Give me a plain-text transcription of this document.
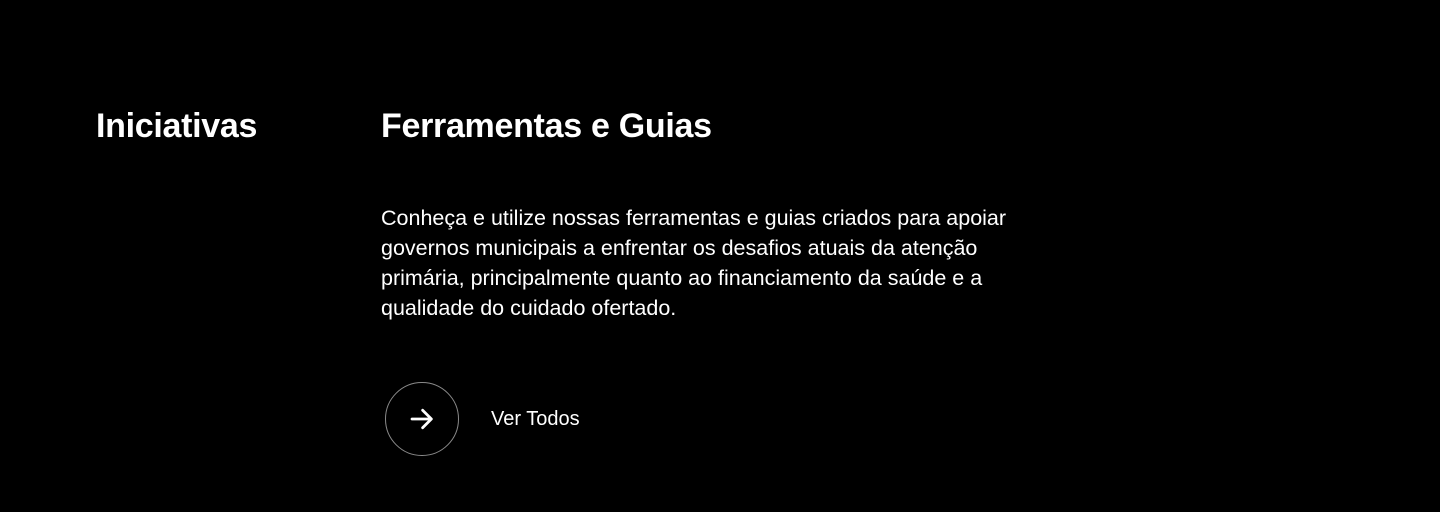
Iniciativas	Ferramentas e Guias

Conheça e utilize nossas ferramentas e guias criados para apoiar governos municipais a enfrentar os desafios atuais da atenção primária, principalmente quanto ao financiamento da saúde e a qualidade do cuidado ofertado.

Ver Todos
